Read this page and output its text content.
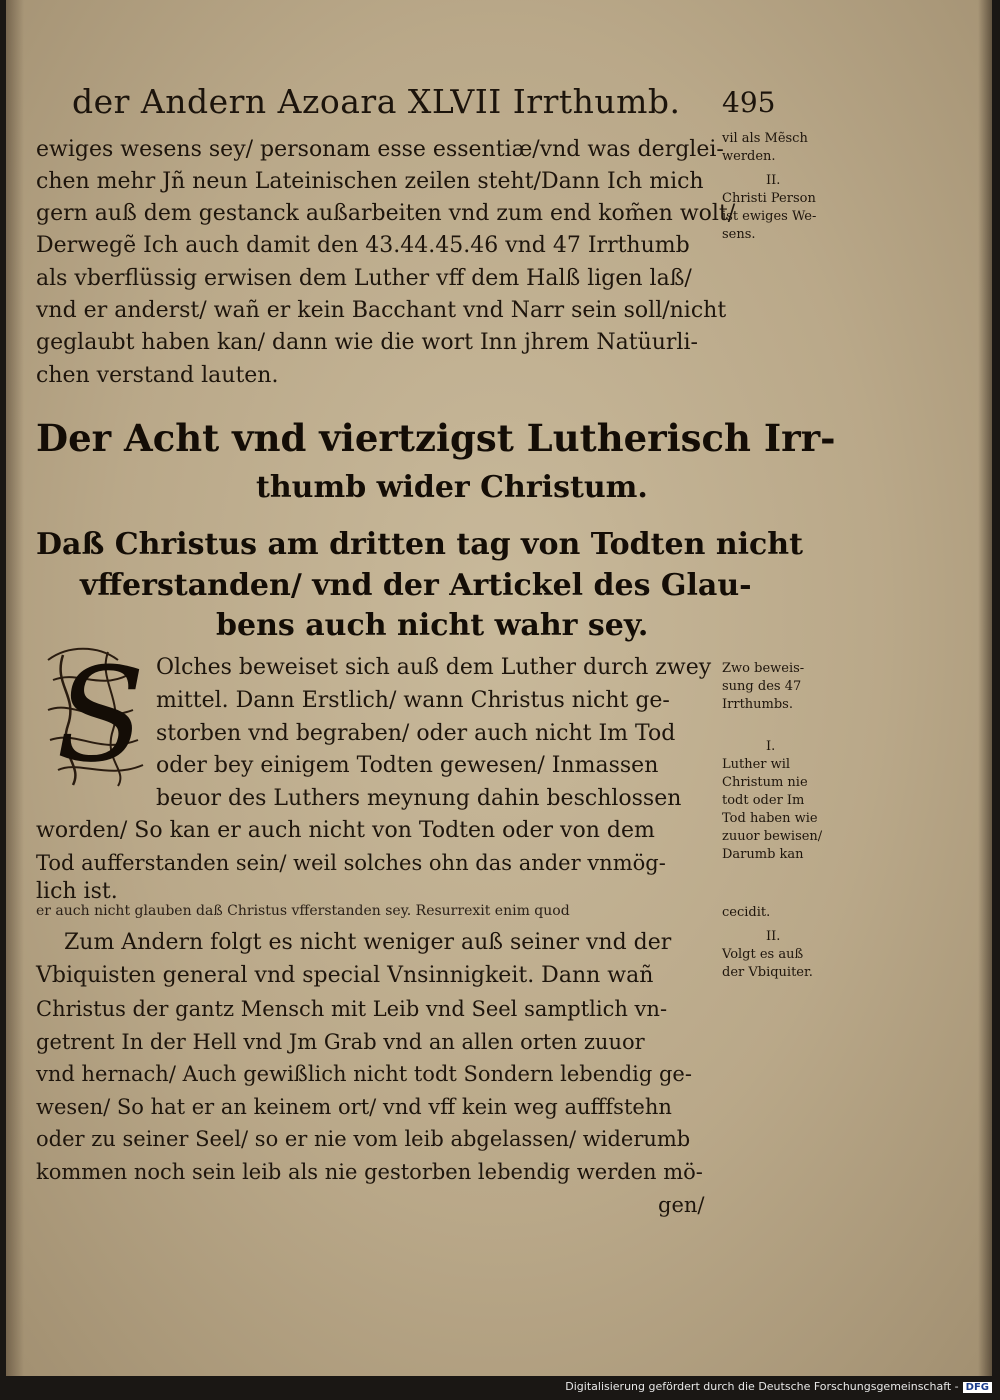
der Andern Azoara XLVII Irrthumb.	495
ewiges wesens sey/ personam esse essentiæ/vnd was derglei-
chen mehr Jñ neun Lateinischen zeilen steht/Dann Ich mich
gern auß dem gestanck außarbeiten vnd zum end kom̃en wolt/
Derwegẽ Ich auch damit den 43.44.45.46 vnd 47 Irrthumb
als vberflüssig erwisen dem Luther vff dem Halß ligen laß/
vnd er anderst/ wañ er kein Bacchant vnd Narr sein soll/nicht
geglaubt haben kan/ dann wie die wort Inn jhrem Natüurli-
chen verstand lauten.
Der Acht vnd viertzigst Lutherisch Irr-
thumb wider Christum.
Daß Christus am dritten tag von Todten nicht
vfferstanden/ vnd der Artickel des Glau-
bens auch nicht wahr sey.
S Olches beweiset sich auß dem Luther durch zwey
mittel. Dann Erstlich/ wann Christus nicht ge-
storben vnd begraben/ oder auch nicht Im Tod
oder bey einigem Todten gewesen/ Inmassen
beuor des Luthers meynung dahin beschlossen
worden/ So kan er auch nicht von Todten oder von dem
Tod aufferstanden sein/ weil solches ohn das ander vnmög-
lich ist.
er auch nicht glauben daß Christus vfferstanden sey. Resurrexit enim quod
Zum Andern folgt es nicht weniger auß seiner vnd der
Vbiquisten general vnd special Vnsinnigkeit. Dann wañ
Christus der gantz Mensch mit Leib vnd Seel samptlich vn-
getrent In der Hell vnd Jm Grab vnd an allen orten zuuor
vnd hernach/ Auch gewißlich nicht todt Sondern lebendig ge-
wesen/ So hat er an keinem ort/ vnd vff kein weg aufffstehn
oder zu seiner Seel/ so er nie vom leib abgelassen/ widerumb
kommen noch sein leib als nie gestorben lebendig werden mö-
gen/
vil als Mẽsch
werden.
II.
Christi Person
ist ewiges We-
sens.
Zwo beweis-
sung des 47
Irrthumbs.
I.
Luther wil
Christum nie
todt oder Im
Tod haben wie
zuuor bewisen/
Darumb kan
cecidit.
II.
Volgt es auß
der Vbiquiter.
Digitalisierung gefördert durch die Deutsche Forschungsgemeinschaft - DFG
